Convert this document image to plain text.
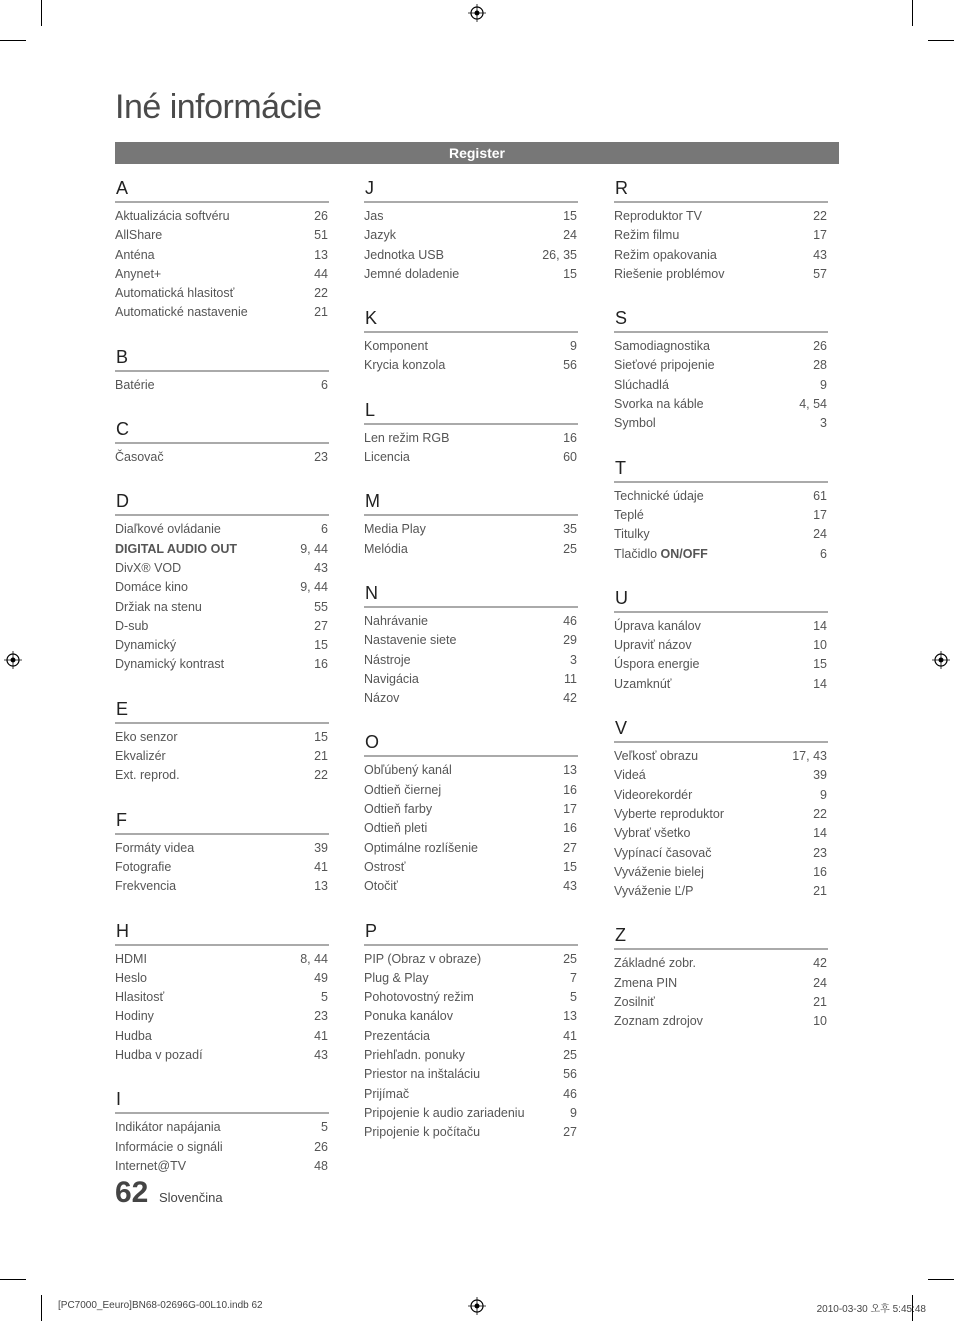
Iné informácie
Register
A
Aktualizácia softvéru	26
AllShare	51
Anténa	13
Anynet+	44
Automatická hlasitosť	22
Automatické nastavenie	21
B
Batérie	6
C
Časovač	23
D
Diaľkové ovládanie	6
DIGITAL AUDIO OUT	9, 44
DivX® VOD	43
Domáce kino	9, 44
Držiak na stenu	55
D-sub	27
Dynamický	15
Dynamický kontrast	16
E
Eko senzor	15
Ekvalizér	21
Ext. reprod.	22
F
Formáty videa	39
Fotografie	41
Frekvencia	13
H
HDMI	8, 44
Heslo	49
Hlasitosť	5
Hodiny	23
Hudba	41
Hudba v pozadí	43
I
Indikátor napájania	5
Informácie o signáli	26
Internet@TV	48
J
Jas	15
Jazyk	24
Jednotka USB	26, 35
Jemné doladenie	15
K
Komponent	9
Krycia konzola	56
L
Len režim RGB	16
Licencia	60
M
Media Play	35
Melódia	25
N
Nahrávanie	46
Nastavenie siete	29
Nástroje	3
Navigácia	11
Názov	42
O
Obľúbený kanál	13
Odtieň čiernej	16
Odtieň farby	17
Odtieň pleti	16
Optimálne rozlíšenie	27
Ostrosť	15
Otočiť	43
P
PIP (Obraz v obraze)	25
Plug & Play	7
Pohotovostný režim	5
Ponuka kanálov	13
Prezentácia	41
Priehľadn. ponuky	25
Priestor na inštaláciu	56
Prijímač	46
Pripojenie k audio zariadeniu	9
Pripojenie k počítaču	27
R
Reproduktor TV	22
Režim filmu	17
Režim opakovania	43
Riešenie problémov	57
S
Samodiagnostika	26
Sieťové pripojenie	28
Slúchadlá	9
Svorka na káble	4, 54
Symbol	3
T
Technické údaje	61
Teplé	17
Titulky	24
Tlačidlo ON/OFF	6
U
Úprava kanálov	14
Upraviť názov	10
Úspora energie	15
Uzamknúť	14
V
Veľkosť obrazu	17, 43
Videá	39
Videorekordér	9
Vyberte reproduktor	22
Vybrať všetko	14
Vypínací časovač	23
Vyváženie bielej	16
Vyváženie Ľ/P	21
Z
Základné zobr.	42
Zmena PIN	24
Zosilniť	21
Zoznam zdrojov	10
62 Slovenčina
[PC7000_Eeuro]BN68-02696G-00L10.indb 62	2010-03-30 오후 5:45:48
